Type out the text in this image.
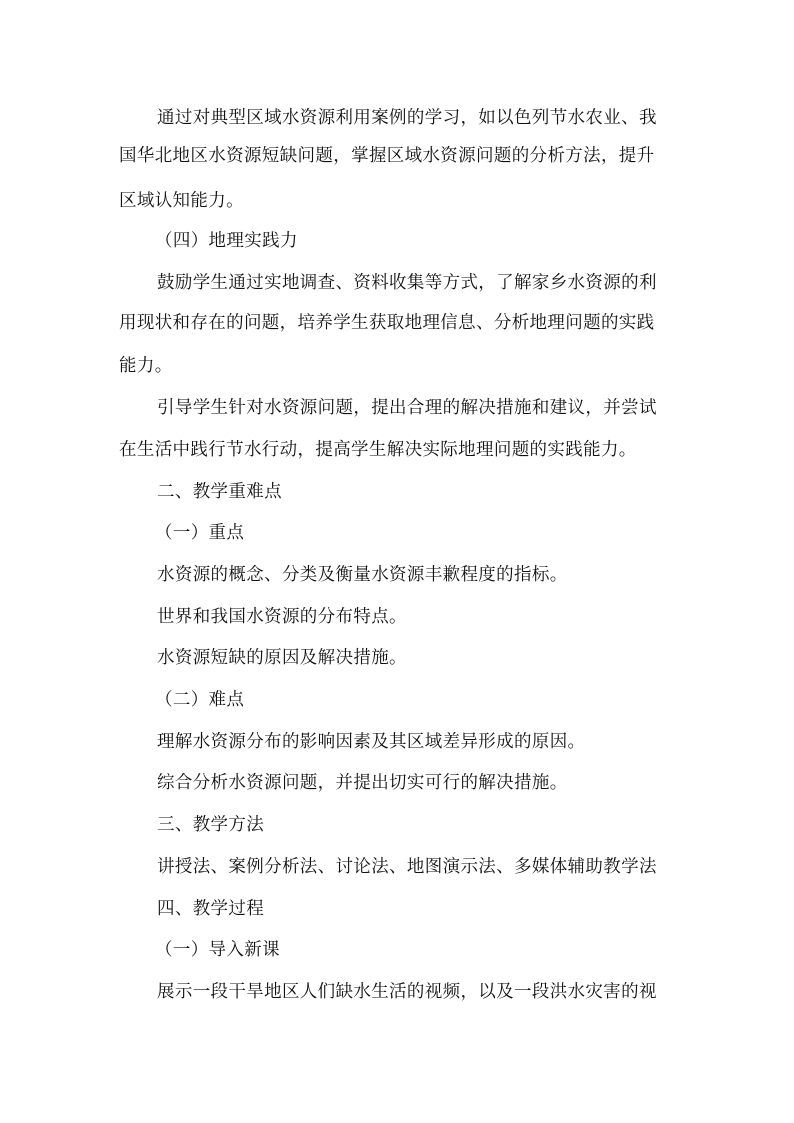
通过对典型区域水资源利用案例的学习，如以色列节水农业、我
国华北地区水资源短缺问题，掌握区域水资源问题的分析方法，提升
区域认知能力。
（四）地理实践力
鼓励学生通过实地调查、资料收集等方式，了解家乡水资源的利
用现状和存在的问题，培养学生获取地理信息、分析地理问题的实践
能力。
引导学生针对水资源问题，提出合理的解决措施和建议，并尝试
在生活中践行节水行动，提高学生解决实际地理问题的实践能力。
二、教学重难点
（一）重点
水资源的概念、分类及衡量水资源丰歉程度的指标。
世界和我国水资源的分布特点。
水资源短缺的原因及解决措施。
（二）难点
理解水资源分布的影响因素及其区域差异形成的原因。
综合分析水资源问题，并提出切实可行的解决措施。
三、教学方法
讲授法、案例分析法、讨论法、地图演示法、多媒体辅助教学法
四、教学过程
（一）导入新课
展示一段干旱地区人们缺水生活的视频，以及一段洪水灾害的视
